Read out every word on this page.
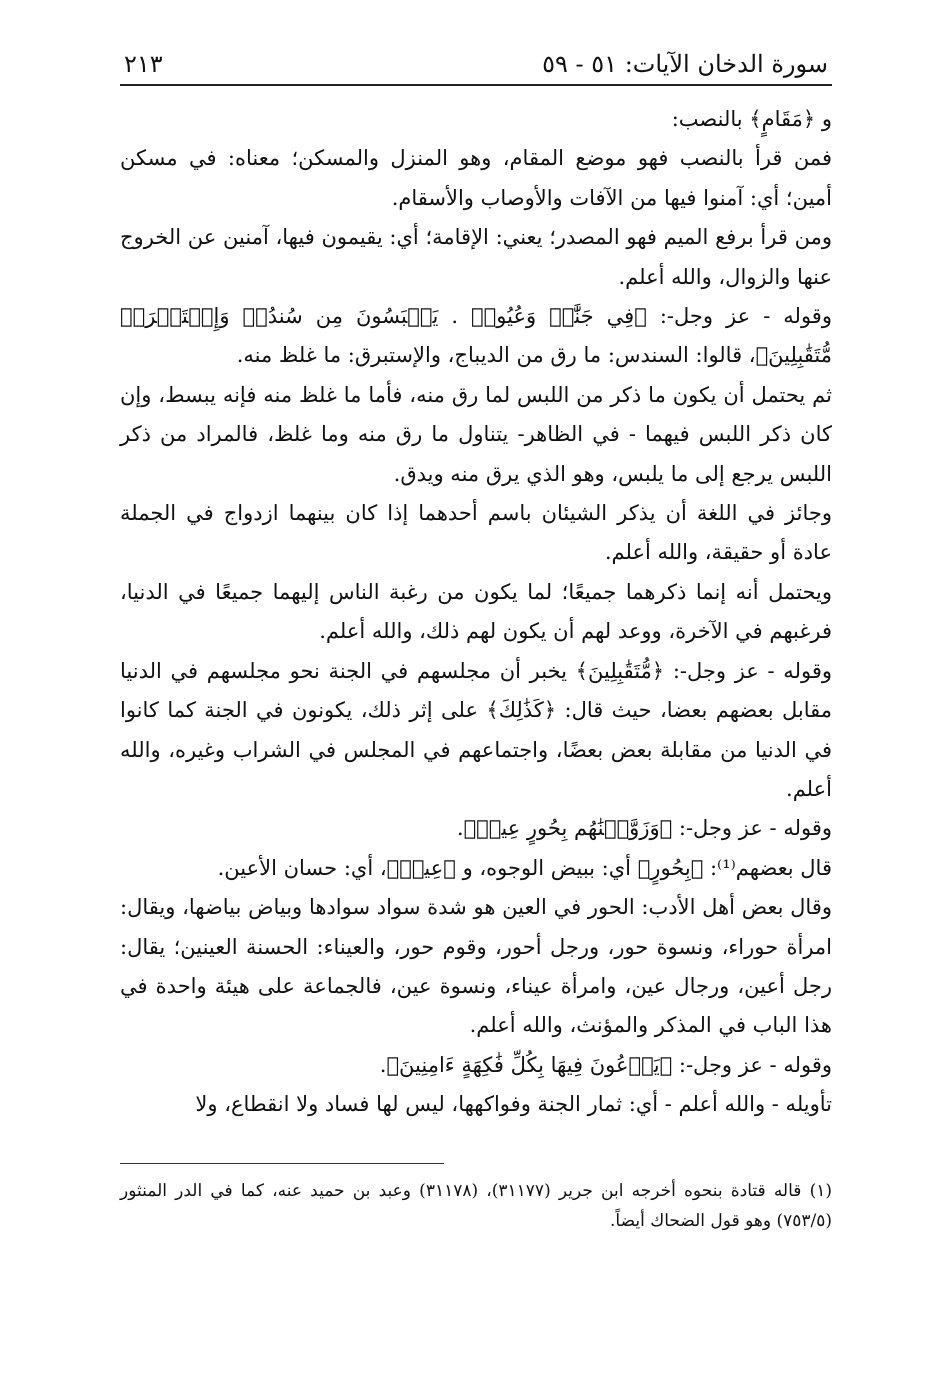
سورة الدخان الآيات: ٥١ - ٥٩
٢١٣

و ﴿مَقَامٍ﴾ بالنصب:

فمن قرأ بالنصب فهو موضع المقام، وهو المنزل والمسكن؛ معناه: في مسكن أمين؛ أي: آمنوا فيها من الآفات والأوصاب والأسقام.

ومن قرأ برفع الميم فهو المصدر؛ يعني: الإقامة؛ أي: يقيمون فيها، آمنين عن الخروج عنها والزوال، والله أعلم.

وقوله - عز وجل-: ﴿فِي جَنَّٰتٖ وَعُيُونٖ . يَلۡبَسُونَ مِن سُندُسٖ وَإِسۡتَبۡرَقٖ مُّتَقَٰبِلِينَ﴾، قالوا: السندس: ما رق من الديباج، والإستبرق: ما غلظ منه.

ثم يحتمل أن يكون ما ذكر من اللبس لما رق منه، فأما ما غلظ منه فإنه يبسط، وإن كان ذكر اللبس فيهما - في الظاهر- يتناول ما رق منه وما غلظ، فالمراد من ذكر اللبس يرجع إلى ما يلبس، وهو الذي يرق منه ويدق.

وجائز في اللغة أن يذكر الشيئان باسم أحدهما إذا كان بينهما ازدواج في الجملة عادة أو حقيقة، والله أعلم.

ويحتمل أنه إنما ذكرهما جميعًا؛ لما يكون من رغبة الناس إليهما جميعًا في الدنيا، فرغبهم في الآخرة، ووعد لهم أن يكون لهم ذلك، والله أعلم.

وقوله - عز وجل-: ﴿مُّتَقَٰبِلِينَ﴾ يخبر أن مجلسهم في الجنة نحو مجلسهم في الدنيا مقابل بعضهم بعضا، حيث قال: ﴿كَذَٰلِكَ﴾ على إثر ذلك، يكونون في الجنة كما كانوا في الدنيا من مقابلة بعض بعضًا، واجتماعهم في المجلس في الشراب وغيره، والله أعلم.

وقوله - عز وجل-: ﴿وَزَوَّجۡنَٰهُم بِحُورٍ عِينٖ﴾.

قال بعضهم⁽¹⁾: ﴿بِحُورٍ﴾ أي: ببيض الوجوه، و ﴿عِينٖ﴾، أي: حسان الأعين.

وقال بعض أهل الأدب: الحور في العين هو شدة سواد سوادها وبياض بياضها، ويقال: امرأة حوراء، ونسوة حور، ورجل أحور، وقوم حور، والعيناء: الحسنة العينين؛ يقال: رجل أعين، ورجال عين، وامرأة عيناء، ونسوة عين، فالجماعة على هيئة واحدة في هذا الباب في المذكر والمؤنث، والله أعلم.

وقوله - عز وجل-: ﴿يَدۡعُونَ فِيهَا بِكُلِّ فَٰكِهَةٍ ءَامِنِينَ﴾.

تأويله - والله أعلم - أي: ثمار الجنة وفواكهها، ليس لها فساد ولا انقطاع، ولا

(١) قاله قتادة بنحوه أخرجه ابن جرير (٣١١٧٧)، (٣١١٧٨) وعبد بن حميد عنه، كما في الدر المنثور (٧٥٣/٥) وهو قول الضحاك أيضاً.
